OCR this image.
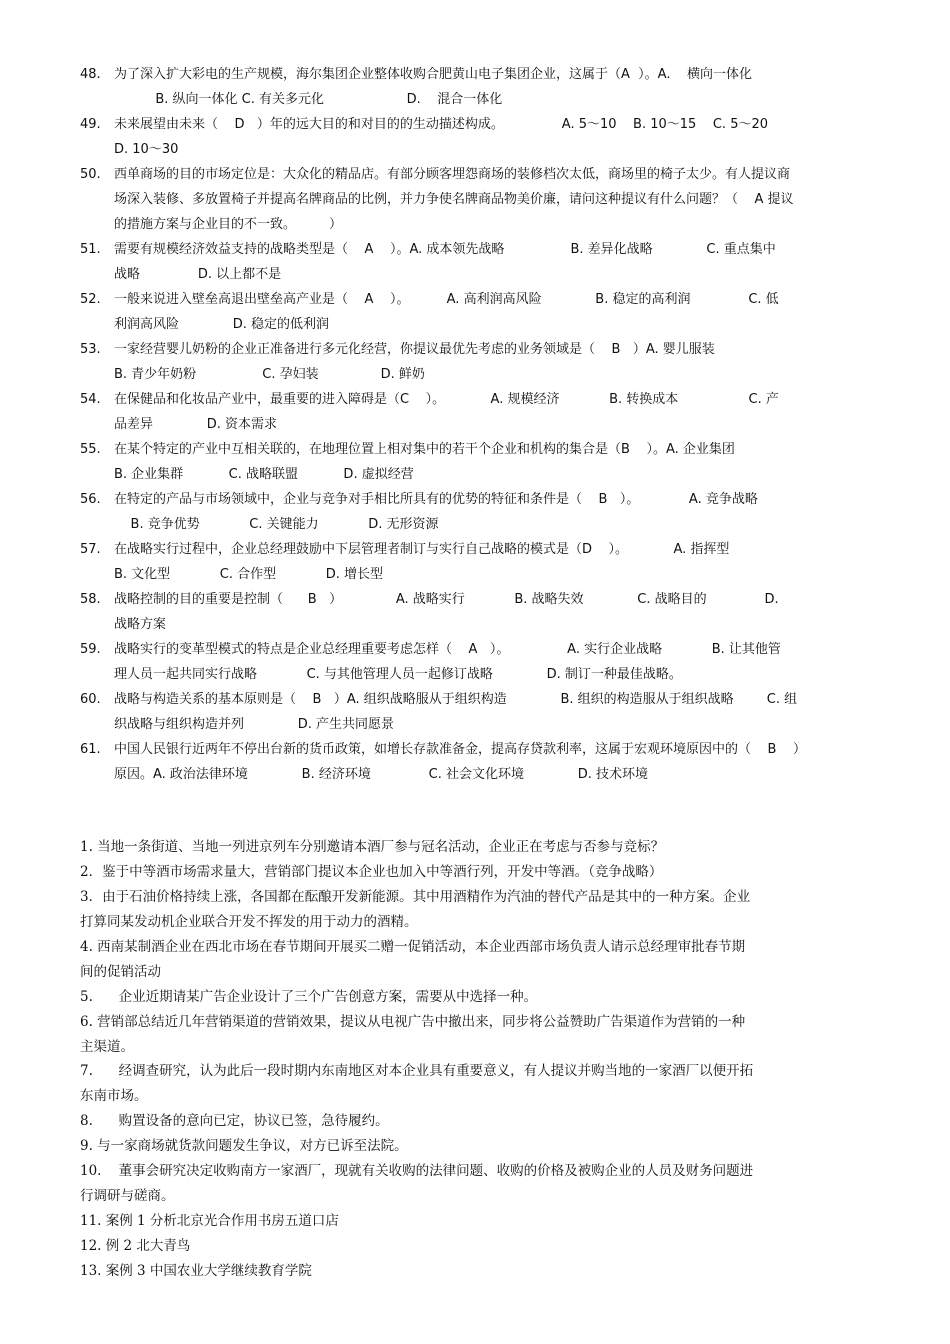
48.	为了深入扩大彩电的生产规模，海尔集团企业整体收购合肥黄山电子集团企业，这属于（A  ）。A.    横向一体化
B. 纵向一体化 C. 有关多元化                    D.    混合一体化
49.	未来展望由未来（    D   ）年的远大目的和对目的的生动描述构成。              A. 5～10    B. 10～15    C. 5～20
D. 10～30
50.	西单商场的目的市场定位是：大众化的精品店。有部分顾客埋怨商场的装修档次太低，商场里的椅子太少。有人提议商
场深入装修、多放置椅子并提高名牌商品的比例，并力争使名牌商品物美价廉，请问这种提议有什么问题？（    A 提议
的措施方案与企业目的不一致。        ）
51.	需要有规模经济效益支持的战略类型是（    A    ）。A. 成本领先战略                B. 差异化战略             C. 重点集中
战略              D. 以上都不是
52.	一般来说进入壁垒高退出壁垒高产业是（    A    ）。         A. 高利润高风险             B. 稳定的高利润              C. 低
利润高风险             D. 稳定的低利润
53.	一家经营婴儿奶粉的企业正准备进行多元化经营，你提议最优先考虑的业务领域是（    B   ）A. 婴儿服装
B. 青少年奶粉                C. 孕妇装               D. 鲜奶
54.	在保健品和化妆品产业中，最重要的进入障碍是（C    ）。           A. 规模经济            B. 转换成本                 C. 产
品差异             D. 资本需求
55.	在某个特定的产业中互相关联的，在地理位置上相对集中的若干个企业和机构的集合是（B    ）。A. 企业集团
B. 企业集群           C. 战略联盟           D. 虚拟经营
56.	在特定的产品与市场领域中，企业与竞争对手相比所具有的优势的特征和条件是（    B   ）。            A. 竞争战略
B. 竞争优势            C. 关键能力            D. 无形资源
57.	在战略实行过程中，企业总经理鼓励中下层管理者制订与实行自己战略的模式是（D    ）。           A. 指挥型
B. 文化型            C. 合作型            D. 增长型
58.	战略控制的目的重要是控制（      B   ）             A. 战略实行            B. 战略失效             C. 战略目的              D.
战略方案
59.	战略实行的变革型模式的特点是企业总经理重要考虑怎样（    A   ）。              A. 实行企业战略            B. 让其他管
理人员一起共同实行战略            C. 与其他管理人员一起修订战略             D. 制订一种最佳战略。
60.	战略与构造关系的基本原则是（    B   ）A. 组织战略服从于组织构造             B. 组织的构造服从于组织战略        C. 组
织战略与组织构造并列             D. 产生共同愿景
61.	中国人民银行近两年不停出台新的货币政策，如增长存款准备金，提高存贷款利率，这属于宏观环境原因中的（    B    ）
原因。A. 政治法律环境             B. 经济环境              C. 社会文化环境             D. 技术环境
1. 当地一条街道、当地一列进京列车分别邀请本酒厂参与冠名活动，企业正在考虑与否参与竞标？
2．鉴于中等酒市场需求量大，营销部门提议本企业也加入中等酒行列，开发中等酒。（竞争战略）
3．由于石油价格持续上涨，各国都在酝酿开发新能源。其中用酒精作为汽油的替代产品是其中的一种方案。企业
打算同某发动机企业联合开发不挥发的用于动力的酒精。
4. 西南某制酒企业在西北市场在春节期间开展买二赠一促销活动，本企业西部市场负责人请示总经理审批春节期
间的促销活动
5.      企业近期请某广告企业设计了三个广告创意方案，需要从中选择一种。
6. 营销部总结近几年营销渠道的营销效果，提议从电视广告中撤出来，同步将公益赞助广告渠道作为营销的一种
主渠道。
7.      经调查研究，认为此后一段时期内东南地区对本企业具有重要意义，有人提议并购当地的一家酒厂以便开拓
东南市场。
8.      购置设备的意向已定，协议已签，急待履约。
9. 与一家商场就货款问题发生争议，对方已诉至法院。
10.    董事会研究决定收购南方一家酒厂，现就有关收购的法律问题、收购的价格及被购企业的人员及财务问题进
行调研与磋商。
11. 案例 1 分析北京光合作用书房五道口店
12. 例 2 北大青鸟
13. 案例 3 中国农业大学继续教育学院
